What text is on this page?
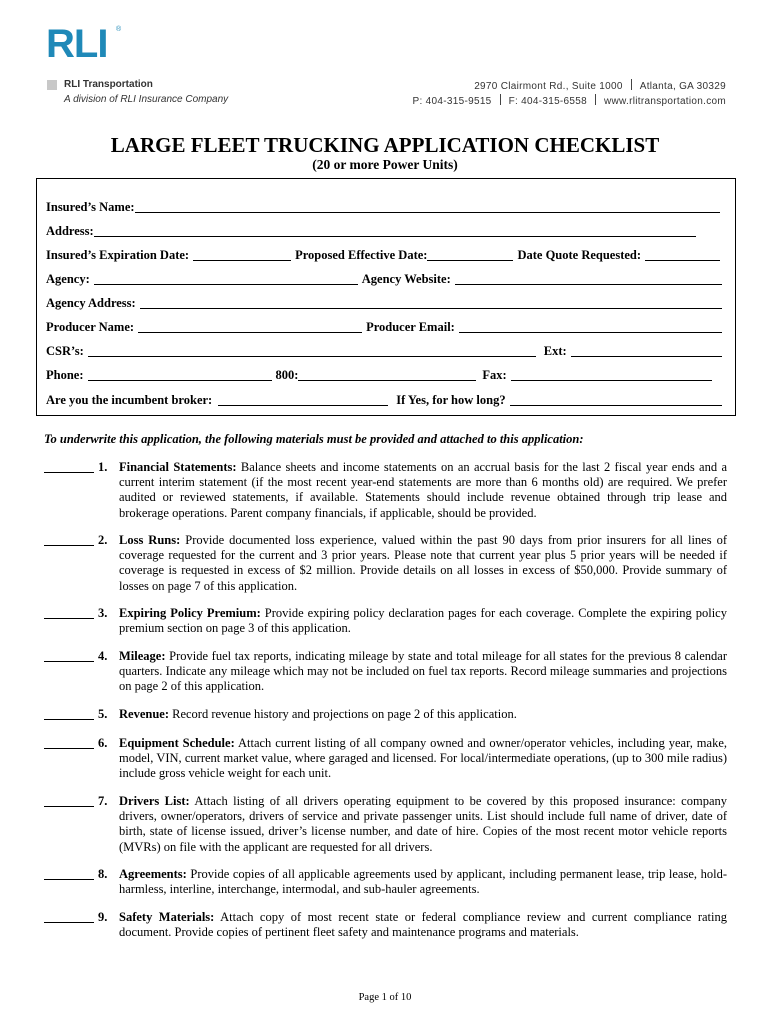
RLI ®
RLI Transportation
A division of RLI Insurance Company
2970 Clairmont Rd., Suite 1000 Atlanta, GA 30329
P: 404-315-9515 F: 404-315-6558 www.rlitransportation.com
LARGE FLEET TRUCKING APPLICATION CHECKLIST
(20 or more Power Units)
Insured’s Name:
Address:
Insured’s Expiration Date:	Proposed Effective Date:	Date Quote Requested:
Agency:	Agency Website:
Agency Address:
Producer Name:	Producer Email:
CSR’s:	Ext:
Phone:	800:	Fax:
Are you the incumbent broker:	If Yes, for how long?
To underwrite this application, the following materials must be provided and attached to this application:
1. Financial Statements: Balance sheets and income statements on an accrual basis for the last 2 fiscal year ends and a current interim statement (if the most recent year-end statements are more than 6 months old) are required. We prefer audited or reviewed statements, if available. Statements should include revenue obtained through trip lease and brokerage operations. Parent company financials, if applicable, should be provided.
2. Loss Runs: Provide documented loss experience, valued within the past 90 days from prior insurers for all lines of coverage requested for the current and 3 prior years. Please note that current year plus 5 prior years will be needed if coverage is requested in excess of $2 million. Provide details on all losses in excess of $50,000. Provide summary of losses on page 7 of this application.
3. Expiring Policy Premium: Provide expiring policy declaration pages for each coverage. Complete the expiring policy premium section on page 3 of this application.
4. Mileage: Provide fuel tax reports, indicating mileage by state and total mileage for all states for the previous 8 calendar quarters. Indicate any mileage which may not be included on fuel tax reports. Record mileage summaries and projections on page 2 of this application.
5. Revenue: Record revenue history and projections on page 2 of this application.
6. Equipment Schedule: Attach current listing of all company owned and owner/operator vehicles, including year, make, model, VIN, current market value, where garaged and licensed. For local/intermediate operations, (up to 300 mile radius) include gross vehicle weight for each unit.
7. Drivers List: Attach listing of all drivers operating equipment to be covered by this proposed insurance: company drivers, owner/operators, drivers of service and private passenger units. List should include full name of driver, date of birth, state of license issued, driver’s license number, and date of hire. Copies of the most recent motor vehicle reports (MVRs) on file with the applicant are requested for all drivers.
8. Agreements: Provide copies of all applicable agreements used by applicant, including permanent lease, trip lease, hold-harmless, interline, interchange, intermodal, and sub-hauler agreements.
9. Safety Materials: Attach copy of most recent state or federal compliance review and current compliance rating document. Provide copies of pertinent fleet safety and maintenance programs and materials.
Page 1 of 10
